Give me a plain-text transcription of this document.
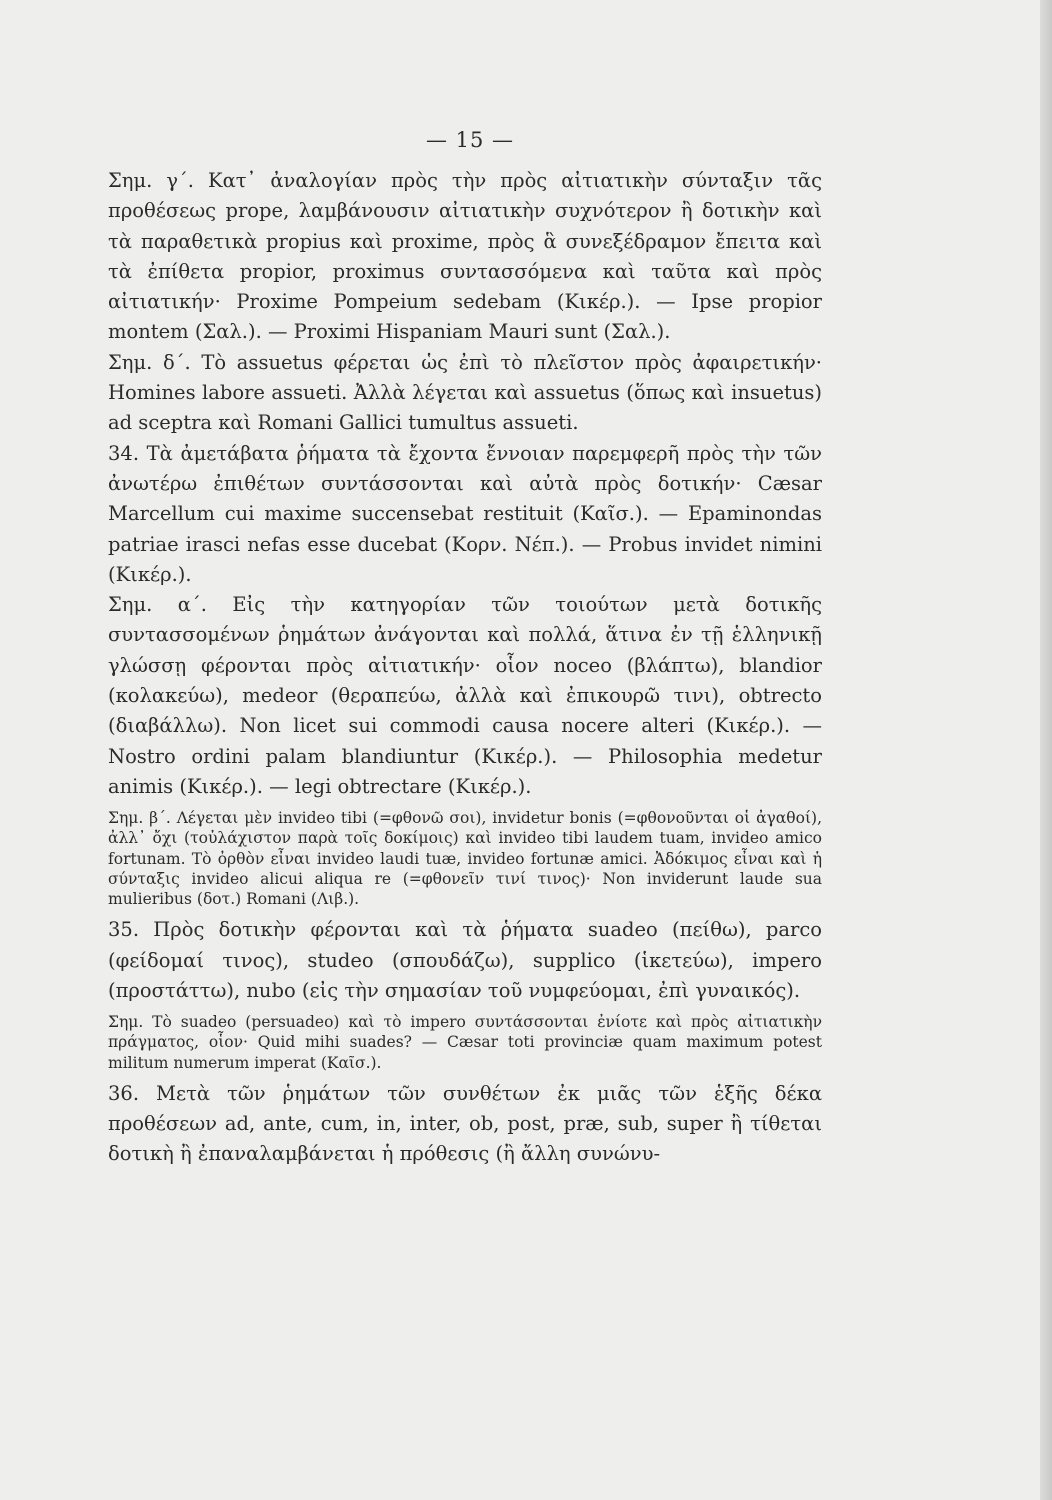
— 15 —

Σημ. γ΄. Κατ᾽ ἀναλογίαν πρὸς τὴν πρὸς αἰτιατικὴν σύνταξιν τᾶς προθέσεως prope, λαμβάνουσιν αἰτιατικὴν συχνότερον ἢ δοτικὴν καὶ τὰ παραθετικὰ propius καὶ proxime, πρὸς ἃ συνεξέδραμον ἔπειτα καὶ τὰ ἐπίθετα propior, proximus συντασσόμενα καὶ ταῦτα καὶ πρὸς αἰτιατικήν· Proxime Pompeium sedebam (Κικέρ.). — Ipse propior montem (Σαλ.). — Proximi Hispaniam Mauri sunt (Σαλ.).

Σημ. δ΄. Τὸ assuetus φέρεται ὡς ἐπὶ τὸ πλεῖστον πρὸς ἀφαιρετικήν· Homines labore assueti. Ἀλλὰ λέγεται καὶ assuetus (ὅπως καὶ insuetus) ad sceptra καὶ Romani Gallici tumultus assueti.

34. Τὰ ἀμετάβατα ῥήματα τὰ ἔχοντα ἔννοιαν παρεμφερῆ πρὸς τὴν τῶν ἀνωτέρω ἐπιθέτων συντάσσονται καὶ αὐτὰ πρὸς δοτικήν· Cæsar Marcellum cui maxime succensebat restituit (Καῖσ.). — Epaminondas patriae irasci nefas esse ducebat (Κορν. Νέπ.). — Probus invidet nimini (Κικέρ.).

Σημ. α΄. Εἰς τὴν κατηγορίαν τῶν τοιούτων μετὰ δοτικῆς συντασσομένων ῥημάτων ἀνάγονται καὶ πολλά, ἅτινα ἐν τῇ ἑλληνικῇ γλώσσῃ φέρονται πρὸς αἰτιατικήν· οἷον noceo (βλάπτω), blandior (κολακεύω), medeor (θεραπεύω, ἀλλὰ καὶ ἐπικουρῶ τινι), obtrecto (διαβάλλω). Non licet sui commodi causa nocere alteri (Κικέρ.). — Nostro ordini palam blandiuntur (Κικέρ.). — Philosophia medetur animis (Κικέρ.). — legi obtrectare (Κικέρ.).

Σημ. β΄. Λέγεται μὲν invideo tibi (=φθονῶ σοι), invidetur bonis (=φθονοῦνται οἱ ἀγαθοί), ἀλλ᾽ ὄχι (τοὐλάχιστον παρὰ τοῖς δοκίμοις) καὶ invideo tibi laudem tuam, invideo amico fortunam. Τὸ ὀρθὸν εἶναι invideo laudi tuæ, invideo fortunæ amici. Ἀδόκιμος εἶναι καὶ ἡ σύνταξις invideo alicui aliqua re (=φθονεῖν τινί τινος)· Non inviderunt laude sua mulieribus (δοτ.) Romani (Λιβ.).

35. Πρὸς δοτικὴν φέρονται καὶ τὰ ῥήματα suadeo (πείθω), parco (φείδομαί τινος), studeo (σπουδάζω), supplico (ἱκετεύω), impero (προστάττω), nubo (εἰς τὴν σημασίαν τοῦ νυμφεύομαι, ἐπὶ γυναικός).

Σημ. Τὸ suadeo (persuadeo) καὶ τὸ impero συντάσσονται ἐνίοτε καὶ πρὸς αἰτιατικὴν πράγματος, οἷον· Quid mihi suades? — Cæsar toti provinciæ quam maximum potest militum numerum imperat (Καῖσ.).

36. Μετὰ τῶν ῥημάτων τῶν συνθέτων ἐκ μιᾶς τῶν ἑξῆς δέκα προθέσεων ad, ante, cum, in, inter, ob, post, præ, sub, super ἢ τίθεται δοτικὴ ἢ ἐπαναλαμβάνεται ἡ πρόθεσις (ἢ ἄλλη συνώνυ-
